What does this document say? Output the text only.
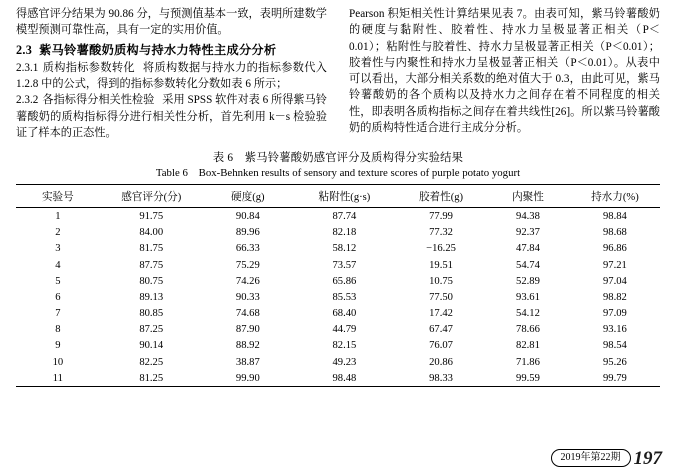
得感官评分结果为 90.86 分，与预测值基本一致，表明所建数学模型预测可靠性高，具有一定的实用价值。

2.3 紫马铃薯酸奶质构与持水力特性主成分分析

2.3.1 质构指标参数转化 将质构数据与持水力的指标参数代入 1.2.8 中的公式，得到的指标参数转化分数如表 6 所示；

2.3.2 各指标得分相关性检验 采用 SPSS 软件对表 6 所得紫马铃薯酸奶的质构指标得分进行相关性分析，首先利用 k－s 检验验证了样本的正态性。

Pearson 积矩相关性计算结果见表 7。由表可知，紫马铃薯酸奶的硬度与黏附性、胶着性、持水力呈极显著正相关（P＜0.01）；粘附性与胶着性、持水力呈极显著正相关（P＜0.01）；胶着性与内聚性和持水力呈极显著正相关（P＜0.01）。从表中可以看出，大部分相关系数的绝对值大于 0.3，由此可见，紫马铃薯酸奶的各个质构以及持水力之间存在着不同程度的相关性，即表明各质构指标之间存在着共线性[26]。所以紫马铃薯酸奶的质构特性适合进行主成分分析。

表 6　紫马铃薯酸奶感官评分及质构得分实验结果
Table 6　Box-Behnken results of sensory and texture scores of purple potato yogurt
实验号	感官评分(分)	硬度(g)	粘附性(g·s)	胶着性(g)	内聚性	持水力(%)
1	91.75	90.84	87.74	77.99	94.38	98.84
2	84.00	89.96	82.18	77.32	92.37	98.68
3	81.75	66.33	58.12	−16.25	47.84	96.86
4	87.75	75.29	73.57	19.51	54.74	97.21
5	80.75	74.26	65.86	10.75	52.89	97.04
6	89.13	90.33	85.53	77.50	93.61	98.82
7	80.85	74.68	68.40	17.42	54.12	97.09
8	87.25	87.90	44.79	67.47	78.66	93.16
9	90.14	88.92	82.15	76.07	82.81	98.54
10	82.25	38.87	49.23	20.86	71.86	95.26
11	81.25	99.90	98.48	98.33	99.59	99.79
2019年第22期 197
